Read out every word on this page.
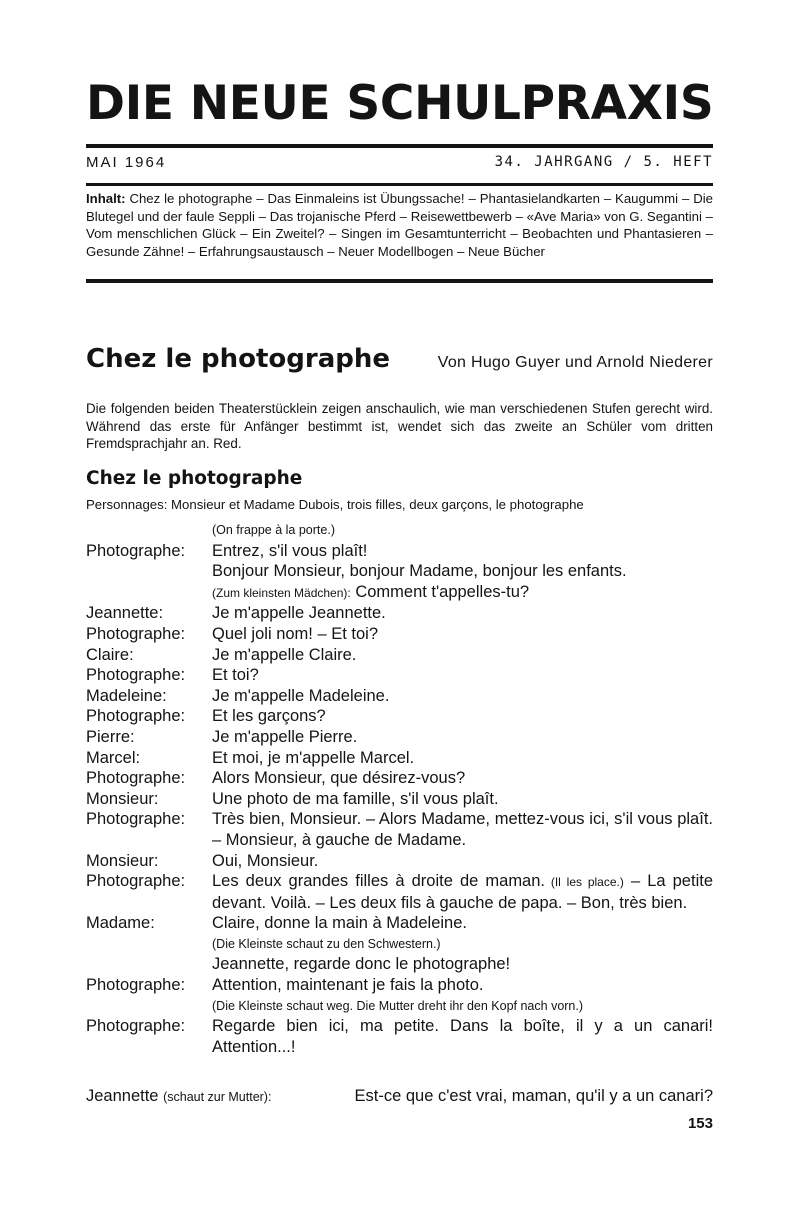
DIE NEUE SCHULPRAXIS
MAI 1964	34. JAHRGANG / 5. HEFT
Inhalt: Chez le photographe – Das Einmaleins ist Übungssache! – Phantasielandkarten – Kaugummi – Die Blutegel und der faule Seppli – Das trojanische Pferd – Reisewettbewerb – «Ave Maria» von G. Segantini – Vom menschlichen Glück – Ein Zweitel? – Singen im Gesamtunterricht – Beobachten und Phantasieren – Gesunde Zähne! – Erfahrungsaustausch – Neuer Modellbogen – Neue Bücher
Chez le photographe	Von Hugo Guyer und Arnold Niederer
Die folgenden beiden Theaterstücklein zeigen anschaulich, wie man verschiedenen Stufen gerecht wird. Während das erste für Anfänger bestimmt ist, wendet sich das zweite an Schüler vom dritten Fremdsprachjahr an. Red.
Chez le photographe
Personnages: Monsieur et Madame Dubois, trois filles, deux garçons, le photographe
(On frappe à la porte.)
Photographe:	Entrez, s'il vous plaît!
Bonjour Monsieur, bonjour Madame, bonjour les enfants.
(Zum kleinsten Mädchen): Comment t'appelles-tu?
Jeannette:	Je m'appelle Jeannette.
Photographe:	Quel joli nom! – Et toi?
Claire:	Je m'appelle Claire.
Photographe:	Et toi?
Madeleine:	Je m'appelle Madeleine.
Photographe:	Et les garçons?
Pierre:	Je m'appelle Pierre.
Marcel:	Et moi, je m'appelle Marcel.
Photographe:	Alors Monsieur, que désirez-vous?
Monsieur:	Une photo de ma famille, s'il vous plaît.
Photographe:	Très bien, Monsieur. – Alors Madame, mettez-vous ici, s'il vous plaît. – Monsieur, à gauche de Madame.
Monsieur:	Oui, Monsieur.
Photographe:	Les deux grandes filles à droite de maman. (Il les place.) – La petite devant. Voilà. – Les deux fils à gauche de papa. – Bon, très bien.
Madame:	Claire, donne la main à Madeleine.
(Die Kleinste schaut zu den Schwestern.)
Jeannette, regarde donc le photographe!
Photographe:	Attention, maintenant je fais la photo.
(Die Kleinste schaut weg. Die Mutter dreht ihr den Kopf nach vorn.)
Photographe:	Regarde bien ici, ma petite. Dans la boîte, il y a un canari! Attention...!
Jeannette (schaut zur Mutter):	Est-ce que c'est vrai, maman, qu'il y a un canari?
153
